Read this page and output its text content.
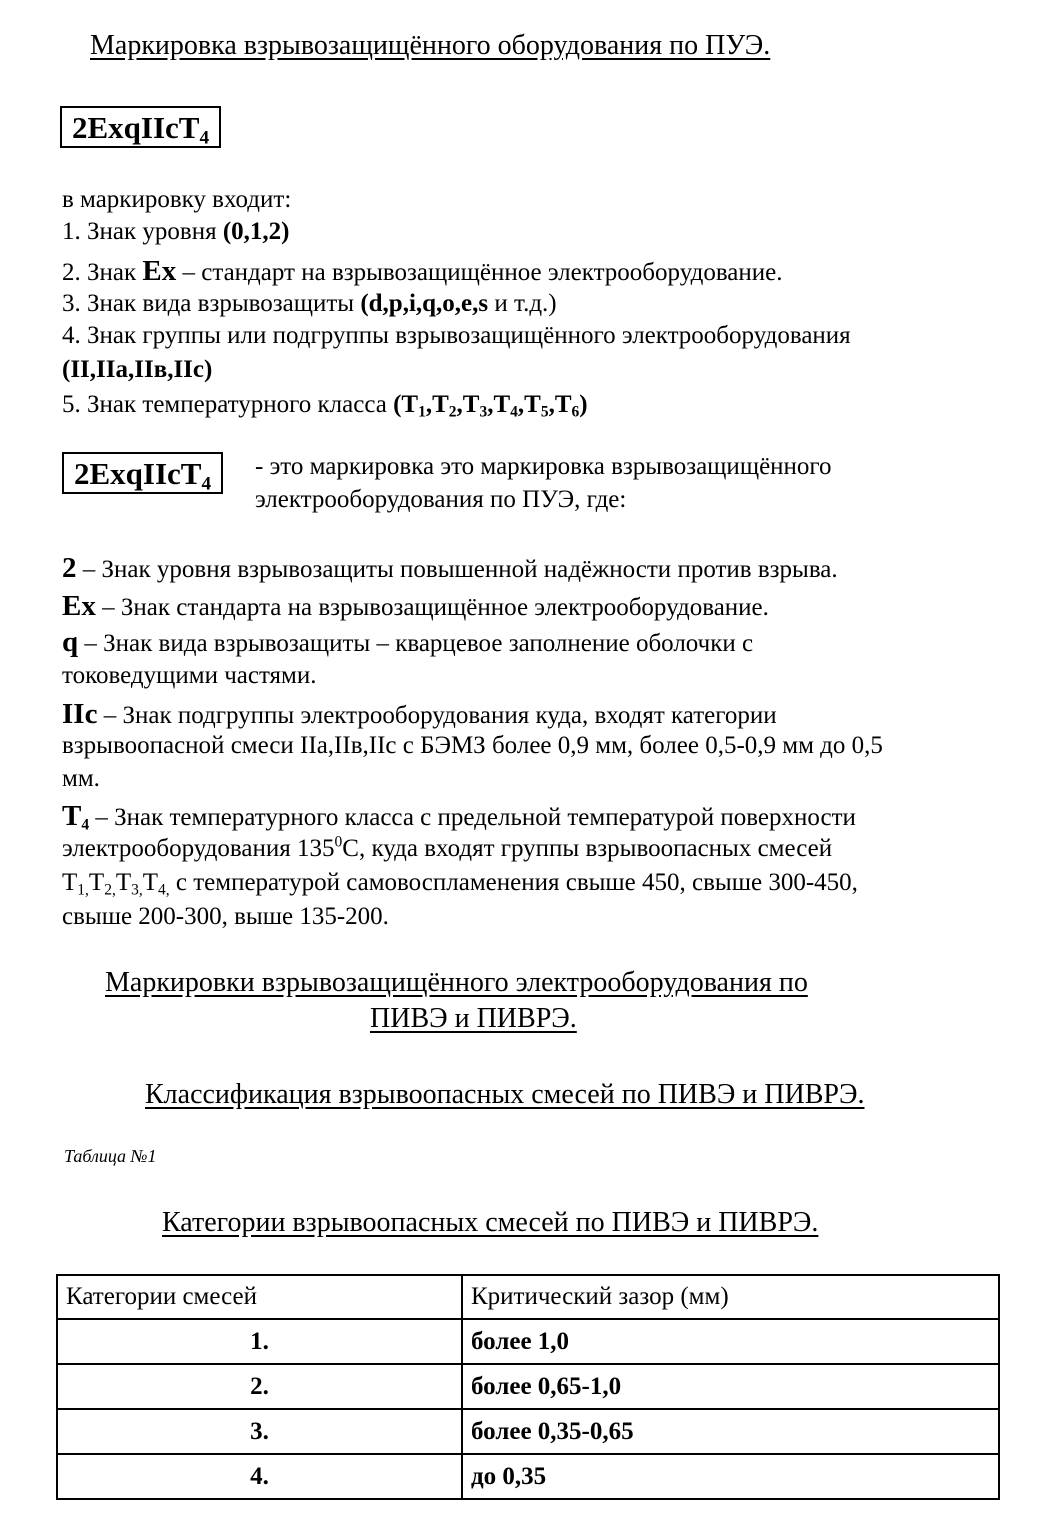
Маркировка взрывозащищённого оборудования по ПУЭ.
2ExqIIcT$_4$
в маркировку входит:
1. Знак уровня (0,1,2)
2. Знак Ex – стандарт на взрывозащищённое электрооборудование.
3. Знак вида взрывозащиты (d,p,i,q,o,e,s и т.д.)
4. Знак группы или подгруппы взрывозащищённого электрооборудования
(II,IIa,IIв,IIc)
5. Знак температурного класса $(T_1,T_2,T_3,T_4,T_5,T_6)$
2ExqIIcT$_4$
- это маркировка это маркировка взрывозащищённого
электрооборудования по ПУЭ, где:
2 – Знак уровня взрывозащиты повышенной надёжности против взрыва.
Ex – Знак стандарта на взрывозащищённое электрооборудование.
q – Знак вида взрывозащиты – кварцевое заполнение оболочки с
токоведущими частями.
IIc – Знак подгруппы электрооборудования куда, входят категории
взрывоопасной смеси IIa,IIв,IIc с БЭМЗ более 0,9 мм, более 0,5-0,9 мм до 0,5
мм.
$T_4$ – Знак температурного класса с предельной температурой поверхности
электрооборудования $135^0С$, куда входят группы взрывоопасных смесей
$T_{1,}T_{2,}T_{3,}T_{4,}$ с температурой самовоспламенения свыше 450, свыше 300-450,
свыше 200-300, выше 135-200.
Маркировки взрывозащищённого электрооборудования по
ПИВЭ и ПИВРЭ.
Классификация взрывоопасных смесей по ПИВЭ и ПИВРЭ.
Таблица №1
Категории взрывоопасных смесей по ПИВЭ и ПИВРЭ.
Категории смесей	Критический зазор (мм)
1.	более 1,0
2.	более 0,65-1,0
3.	более 0,35-0,65
4.	до 0,35
